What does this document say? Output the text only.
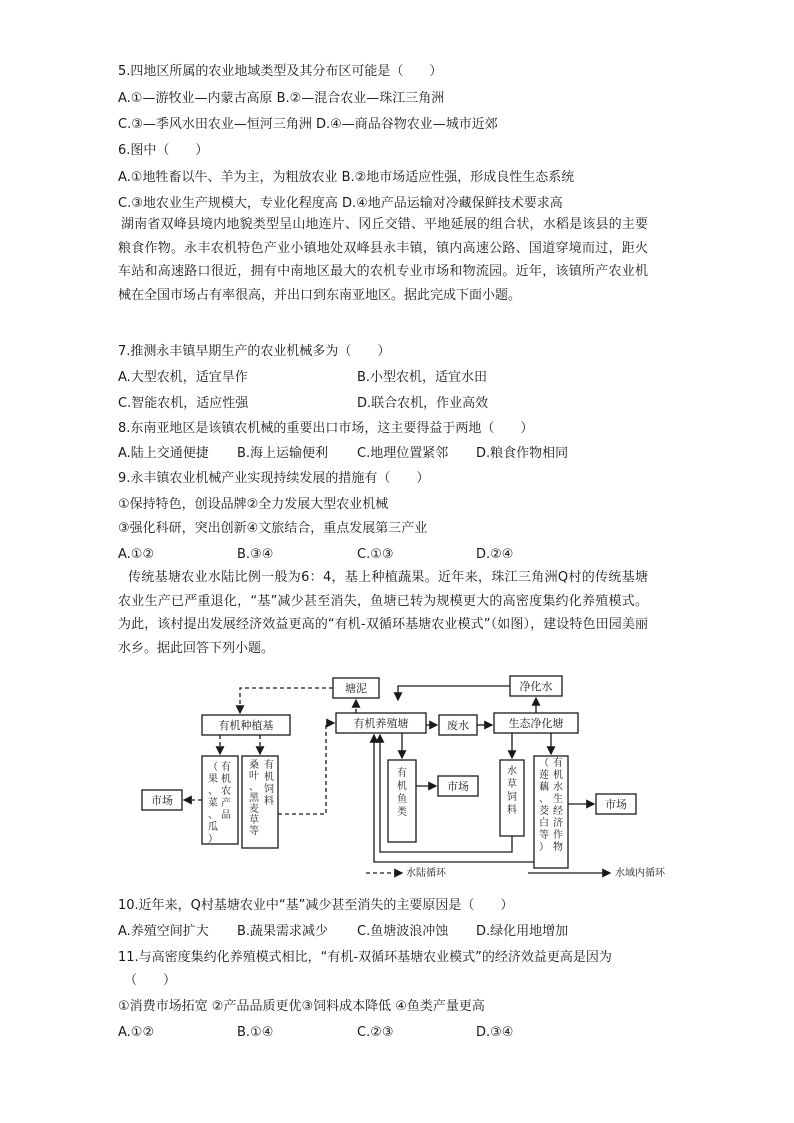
5.四地区所属的农业地域类型及其分布区可能是（　　）
A.①—游牧业—内蒙古高原 B.②—混合农业—珠江三角洲
C.③—季风水田农业—恒河三角洲 D.④—商品谷物农业—城市近郊
6.图中（　　）
A.①地牲畜以牛、羊为主，为粗放农业 B.②地市场适应性强，形成良性生态系统
C.③地农业生产规模大，专业化程度高 D.④地产品运输对冷藏保鲜技术要求高
湖南省双峰县境内地貌类型呈山地连片、冈丘交错、平地延展的组合状，水稻是该县的主要粮食作物。永丰农机特色产业小镇地处双峰县永丰镇，镇内高速公路、国道穿境而过，距火车站和高速路口很近，拥有中南地区最大的农机专业市场和物流园。近年，该镇所产农业机械在全国市场占有率很高，并出口到东南亚地区。据此完成下面小题。
7.推测永丰镇早期生产的农业机械多为（　　）
A.大型农机，适宜旱作	B.小型农机，适宜水田
C.智能农机，适应性强	D.联合农机，作业高效
8.东南亚地区是该镇农机械的重要出口市场，这主要得益于两地（　　）
A.陆上交通便捷 B.海上运输便利 C.地理位置紧邻 D.粮食作物相同
9.永丰镇农业机械产业实现持续发展的措施有（　　）
①保持特色，创设品牌②全力发展大型农业机械
③强化科研，突出创新④文旅结合，重点发展第三产业
A.①②	B.③④	C.①③	D.②④
传统基塘农业水陆比例一般为6：4，基上种植蔬果。近年来，珠江三角洲Q村的传统基塘农业生产已严重退化，“基”减少甚至消失，鱼塘已转为规模更大的高密度集约化养殖模式。为此，该村提出发展经济效益更高的“有机-双循环基塘农业模式”（如图），建设特色田园美丽水乡。据此回答下列小题。
塘泥	净化水
有机种植基	有机养殖塘	废水	生态净化塘
市场
市场
市场
水域内循环
水陆循环
有机农产品
（果、菜、瓜）
有机饲料
桑叶、黑麦草等
有机鱼类
水草饲料
有机水生经济作物
（莲藕、茭白等）
10.近年来，Q村基塘农业中“基”减少甚至消失的主要原因是（　　）
A.养殖空间扩大 B.蔬果需求减少 C.鱼塘波浪冲蚀 D.绿化用地增加
11.与高密度集约化养殖模式相比，“有机-双循环基塘农业模式”的经济效益更高是因为
（　　）
①消费市场拓宽 ②产品品质更优③饲料成本降低 ④鱼类产量更高
A.①②	B.①④	C.②③	D.③④
